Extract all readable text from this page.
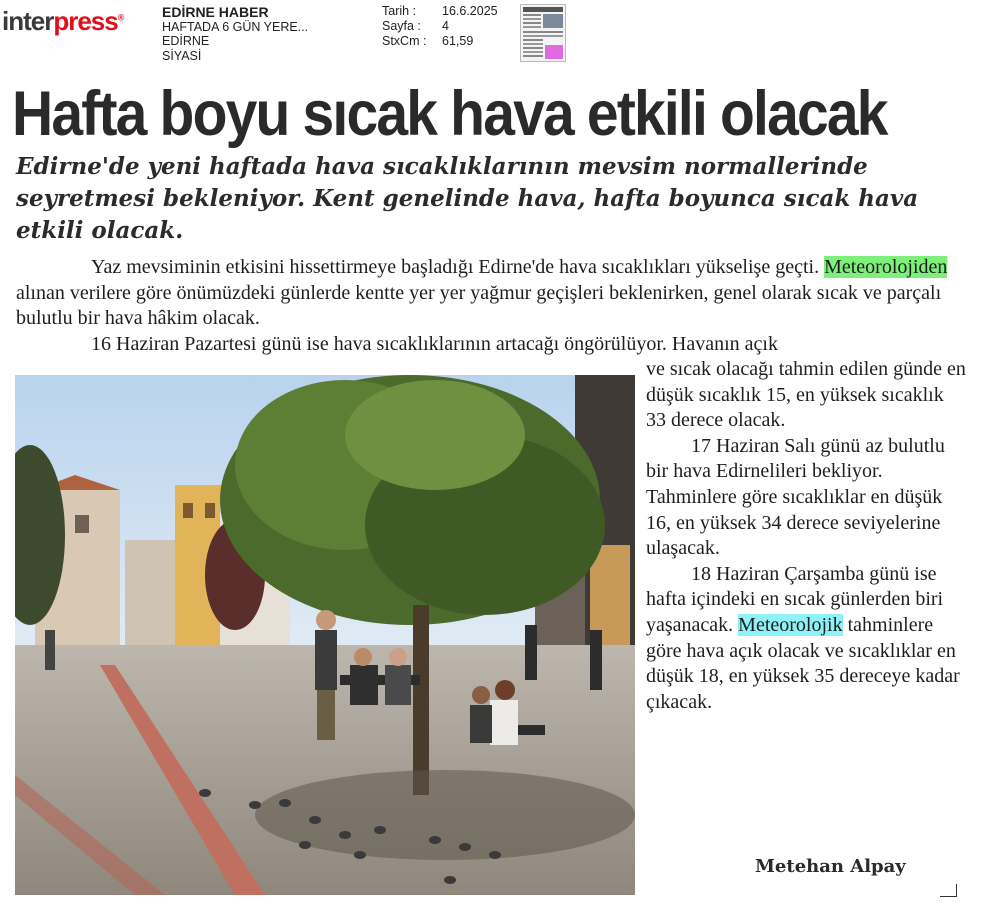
interpress®	EDİRNE HABER
HAFTADA 6 GÜN YERE...
EDİRNE
SİYASİ
Tarih :	16.6.2025
Sayfa :	4
StxCm :	61,59
Hafta boyu sıcak hava etkili olacak
Edirne'de yeni haftada hava sıcaklıklarının mevsim normallerinde seyretmesi bekleniyor. Kent genelinde hava, hafta boyunca sıcak hava etkili olacak.

Yaz mevsiminin etkisini hissettirmeye başladığı Edirne'de hava sıcaklıkları yükselişe geçti. Meteorolojiden alınan verilere göre önümüzdeki günlerde kentte yer yer yağmur geçişleri beklenirken, genel olarak sıcak ve parçalı bulutlu bir hava hâkim olacak.

16 Haziran Pazartesi günü ise hava sıcaklıklarının artacağı öngörülüyor. Havanın açık

ve sıcak olacağı tahmin edilen günde en düşük sıcaklık 15, en yüksek sıcaklık 33 derece olacak.

17 Haziran Salı günü az bulutlu bir hava Edirnelileri bekliyor. Tahminlere göre sıcaklıklar en düşük 16, en yüksek 34 derece seviyelerine ulaşacak.

18 Haziran Çarşamba günü ise hafta içindeki en sıcak günlerden biri yaşanacak. Meteorolojik tahminlere göre hava açık olacak ve sıcaklıklar en düşük 18, en yüksek 35 dereceye kadar çıkacak.

Metehan Alpay
